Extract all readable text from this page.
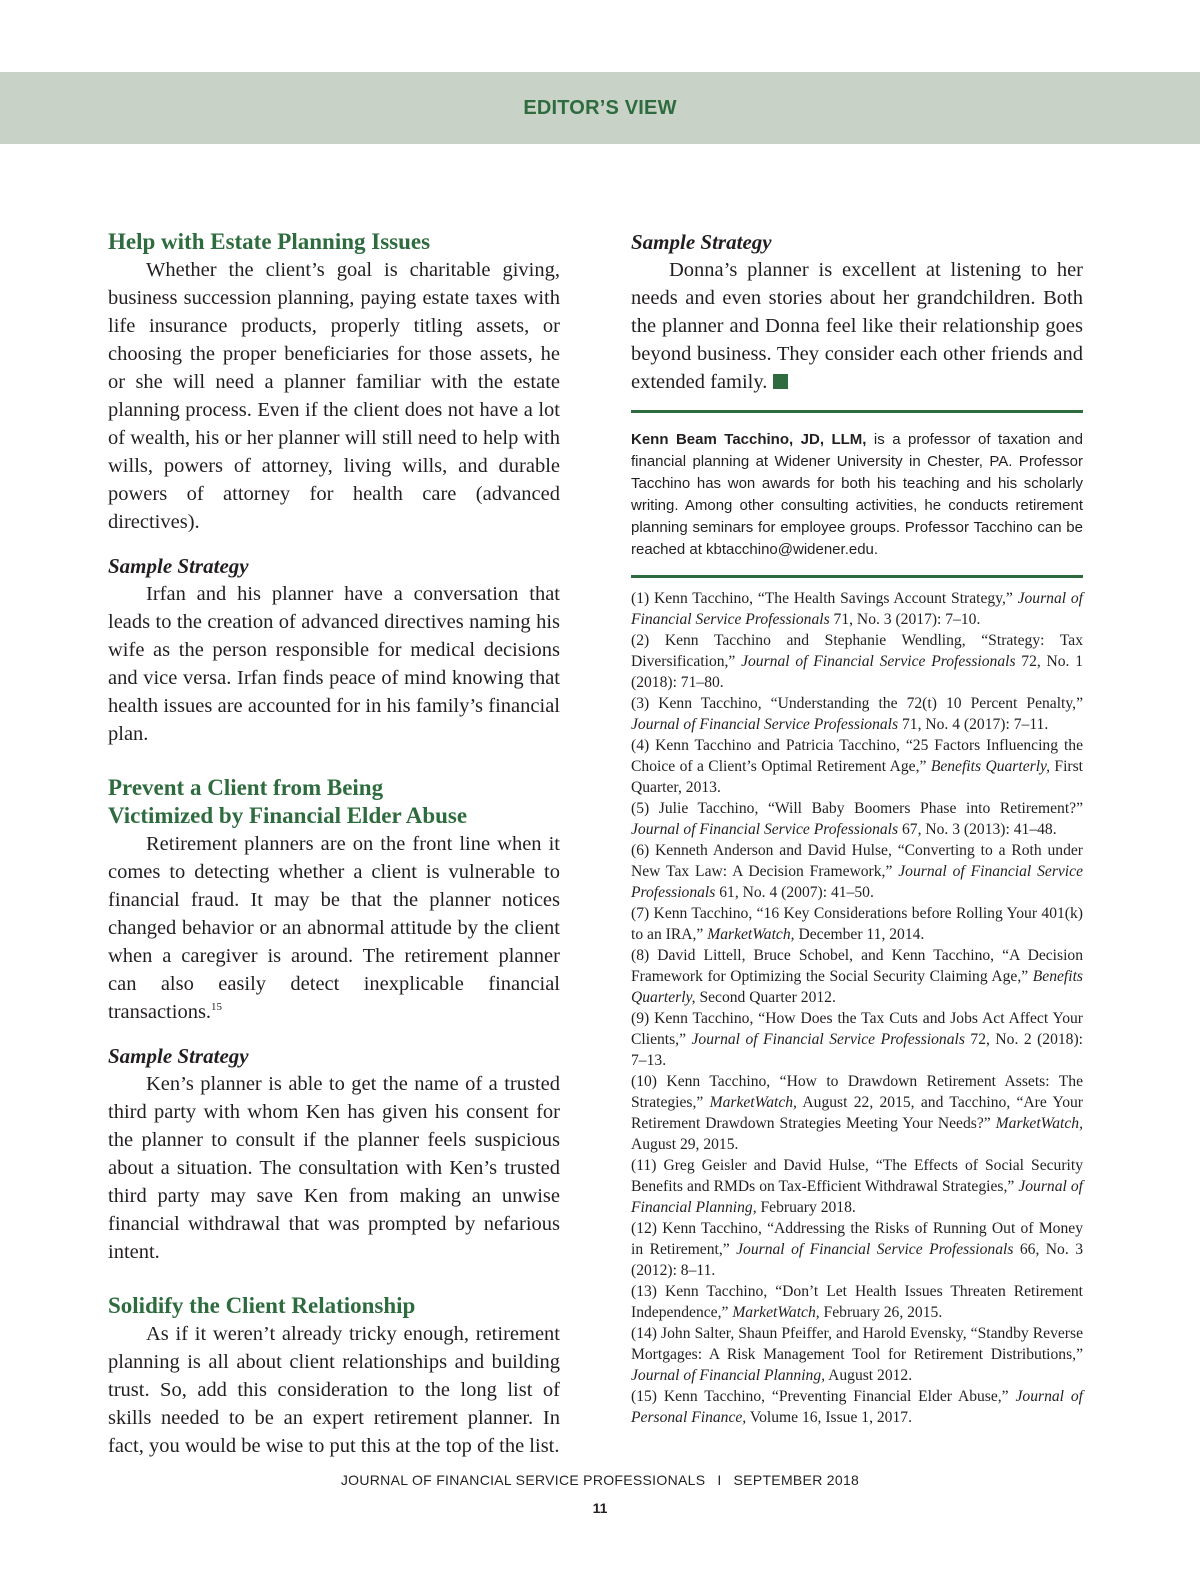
EDITOR’S VIEW
Help with Estate Planning Issues

Whether the client’s goal is charitable giving, business succession planning, paying estate taxes with life insurance products, properly titling assets, or choosing the proper beneficiaries for those assets, he or she will need a planner familiar with the estate planning process. Even if the client does not have a lot of wealth, his or her planner will still need to help with wills, powers of attorney, living wills, and durable powers of attorney for health care (advanced directives).

Sample Strategy

Irfan and his planner have a conversation that leads to the creation of advanced directives naming his wife as the person responsible for medical decisions and vice versa. Irfan finds peace of mind knowing that health issues are accounted for in his family’s financial plan.

Prevent a Client from Being
Victimized by Financial Elder Abuse

Retirement planners are on the front line when it comes to detecting whether a client is vulnerable to financial fraud. It may be that the planner notices changed behavior or an abnormal attitude by the client when a caregiver is around. The retirement planner can also easily detect inexplicable financial transactions.$^{15}$

Sample Strategy

Ken’s planner is able to get the name of a trusted third party with whom Ken has given his consent for the planner to consult if the planner feels suspicious about a situation. The consultation with Ken’s trusted third party may save Ken from making an unwise financial withdrawal that was prompted by nefarious intent.

Solidify the Client Relationship

As if it weren’t already tricky enough, retirement planning is all about client relationships and building trust. So, add this consideration to the long list of skills needed to be an expert retirement planner. In fact, you would be wise to put this at the top of the list.

Sample Strategy

Donna’s planner is excellent at listening to her needs and even stories about her grandchildren. Both the planner and Donna feel like their relationship goes beyond business. They consider each other friends and extended family.

Kenn Beam Tacchino, JD, LLM, is a professor of taxation and financial planning at Widener University in Chester, PA. Professor Tacchino has won awards for both his teaching and his scholarly writing. Among other consulting activities, he conducts retirement planning seminars for employee groups. Professor Tacchino can be reached at kbtacchino@widener.edu.

(1) Kenn Tacchino, “The Health Savings Account Strategy,” Journal of Financial Service Professionals 71, No. 3 (2017): 7–10.

(2) Kenn Tacchino and Stephanie Wendling, “Strategy: Tax Diversification,” Journal of Financial Service Professionals 72, No. 1 (2018): 71–80.

(3) Kenn Tacchino, “Understanding the 72(t) 10 Percent Penalty,” Journal of Financial Service Professionals 71, No. 4 (2017): 7–11.

(4) Kenn Tacchino and Patricia Tacchino, “25 Factors Influencing the Choice of a Client’s Optimal Retirement Age,” Benefits Quarterly, First Quarter, 2013.

(5) Julie Tacchino, “Will Baby Boomers Phase into Retirement?” Journal of Financial Service Professionals 67, No. 3 (2013): 41–48.

(6) Kenneth Anderson and David Hulse, “Converting to a Roth under New Tax Law: A Decision Framework,” Journal of Financial Service Professionals 61, No. 4 (2007): 41–50.

(7) Kenn Tacchino, “16 Key Considerations before Rolling Your 401(k) to an IRA,” MarketWatch, December 11, 2014.

(8) David Littell, Bruce Schobel, and Kenn Tacchino, “A Decision Framework for Optimizing the Social Security Claiming Age,” Benefits Quarterly, Second Quarter 2012.

(9) Kenn Tacchino, “How Does the Tax Cuts and Jobs Act Affect Your Clients,” Journal of Financial Service Professionals 72, No. 2 (2018): 7–13.

(10) Kenn Tacchino, “How to Drawdown Retirement Assets: The Strategies,” MarketWatch, August 22, 2015, and Tacchino, “Are Your Retirement Drawdown Strategies Meeting Your Needs?” MarketWatch, August 29, 2015.

(11) Greg Geisler and David Hulse, “The Effects of Social Security Benefits and RMDs on Tax-Efficient Withdrawal Strategies,” Journal of Financial Planning, February 2018.

(12) Kenn Tacchino, “Addressing the Risks of Running Out of Money in Retirement,” Journal of Financial Service Professionals 66, No. 3 (2012): 8–11.

(13) Kenn Tacchino, “Don’t Let Health Issues Threaten Retirement Independence,” MarketWatch, February 26, 2015.

(14) John Salter, Shaun Pfeiffer, and Harold Evensky, “Standby Reverse Mortgages: A Risk Management Tool for Retirement Distributions,” Journal of Financial Planning, August 2012.

(15) Kenn Tacchino, “Preventing Financial Elder Abuse,” Journal of Personal Finance, Volume 16, Issue 1, 2017.

JOURNAL OF FINANCIAL SERVICE PROFESSIONALS I SEPTEMBER 2018
11
